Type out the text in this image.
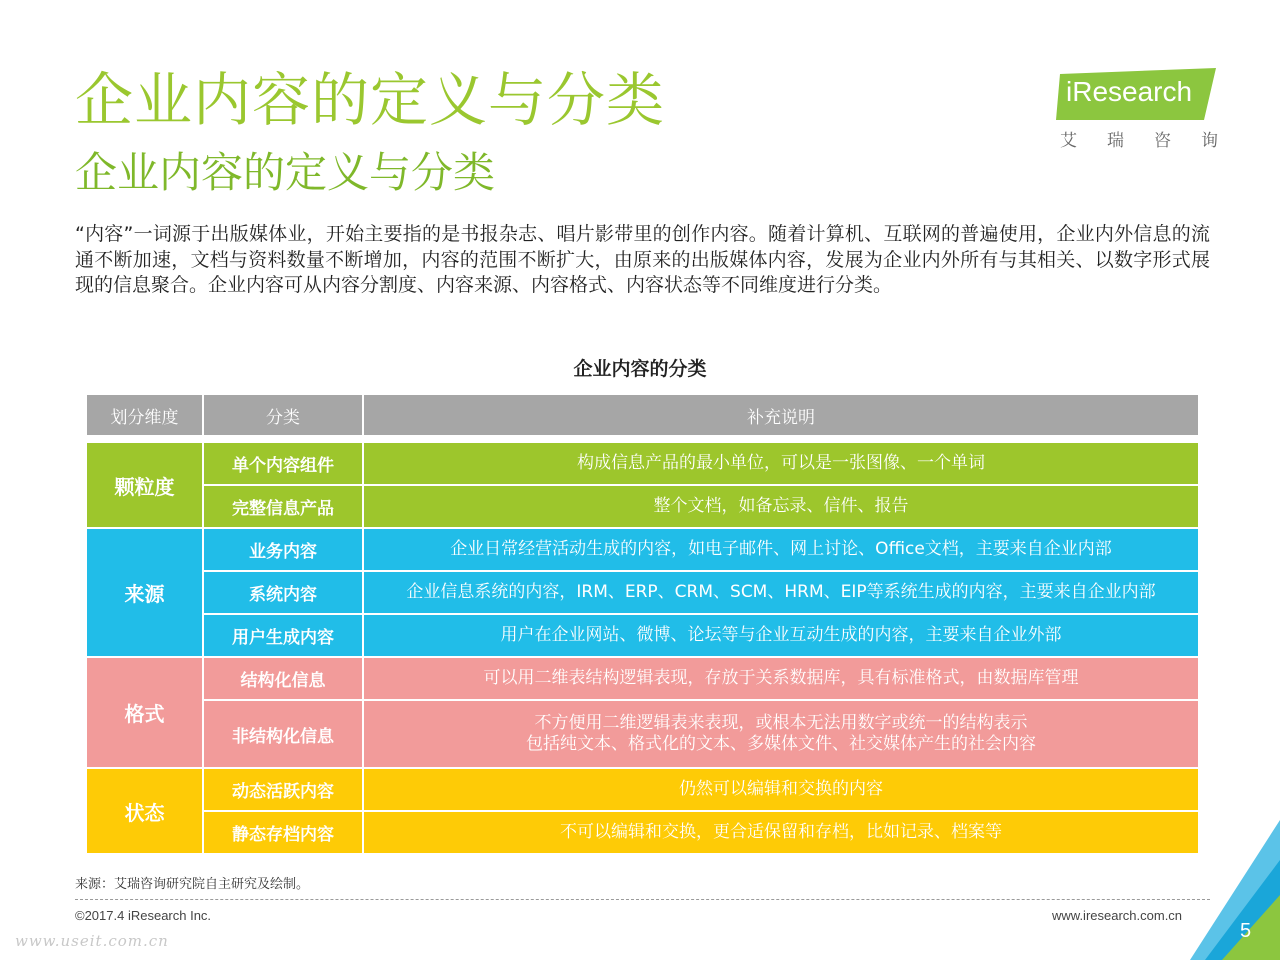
企业内容的定义与分类
企业内容的定义与分类
iResearch
艾 瑞 咨 询

“内容”一词源于出版媒体业，开始主要指的是书报杂志、唱片影带里的创作内容。随着计算机、互联网的普遍使用，企业内外信息的流通不断加速，文档与资料数量不断增加，内容的范围不断扩大，由原来的出版媒体内容，发展为企业内外所有与其相关、以数字形式展现的信息聚合。企业内容可从内容分割度、内容来源、内容格式、内容状态等不同维度进行分类。

企业内容的分类
划分维度	分类	补充说明

颗粒度	单个内容组件	构成信息产品的最小单位，可以是一张图像、一个单词
	完整信息产品	整个文档，如备忘录、信件、报告
来源	业务内容	企业日常经营活动生成的内容，如电子邮件、网上讨论、Office文档，主要来自企业内部
	系统内容	企业信息系统的内容，IRM、ERP、CRM、SCM、HRM、EIP等系统生成的内容，主要来自企业内部
	用户生成内容	用户在企业网站、微博、论坛等与企业互动生成的内容，主要来自企业外部
格式	结构化信息	可以用二维表结构逻辑表现，存放于关系数据库，具有标准格式，由数据库管理
	非结构化信息	不方便用二维逻辑表来表现，或根本无法用数字或统一的结构表示
包括纯文本、格式化的文本、多媒体文件、社交媒体产生的社会内容

状态	动态活跃内容	仍然可以编辑和交换的内容
	静态存档内容	不可以编辑和交换，更合适保留和存档，比如记录、档案等
来源：艾瑞咨询研究院自主研究及绘制。
©2017.4 iResearch Inc.	www.iresearch.com.cn
www.useit.com.cn	5
